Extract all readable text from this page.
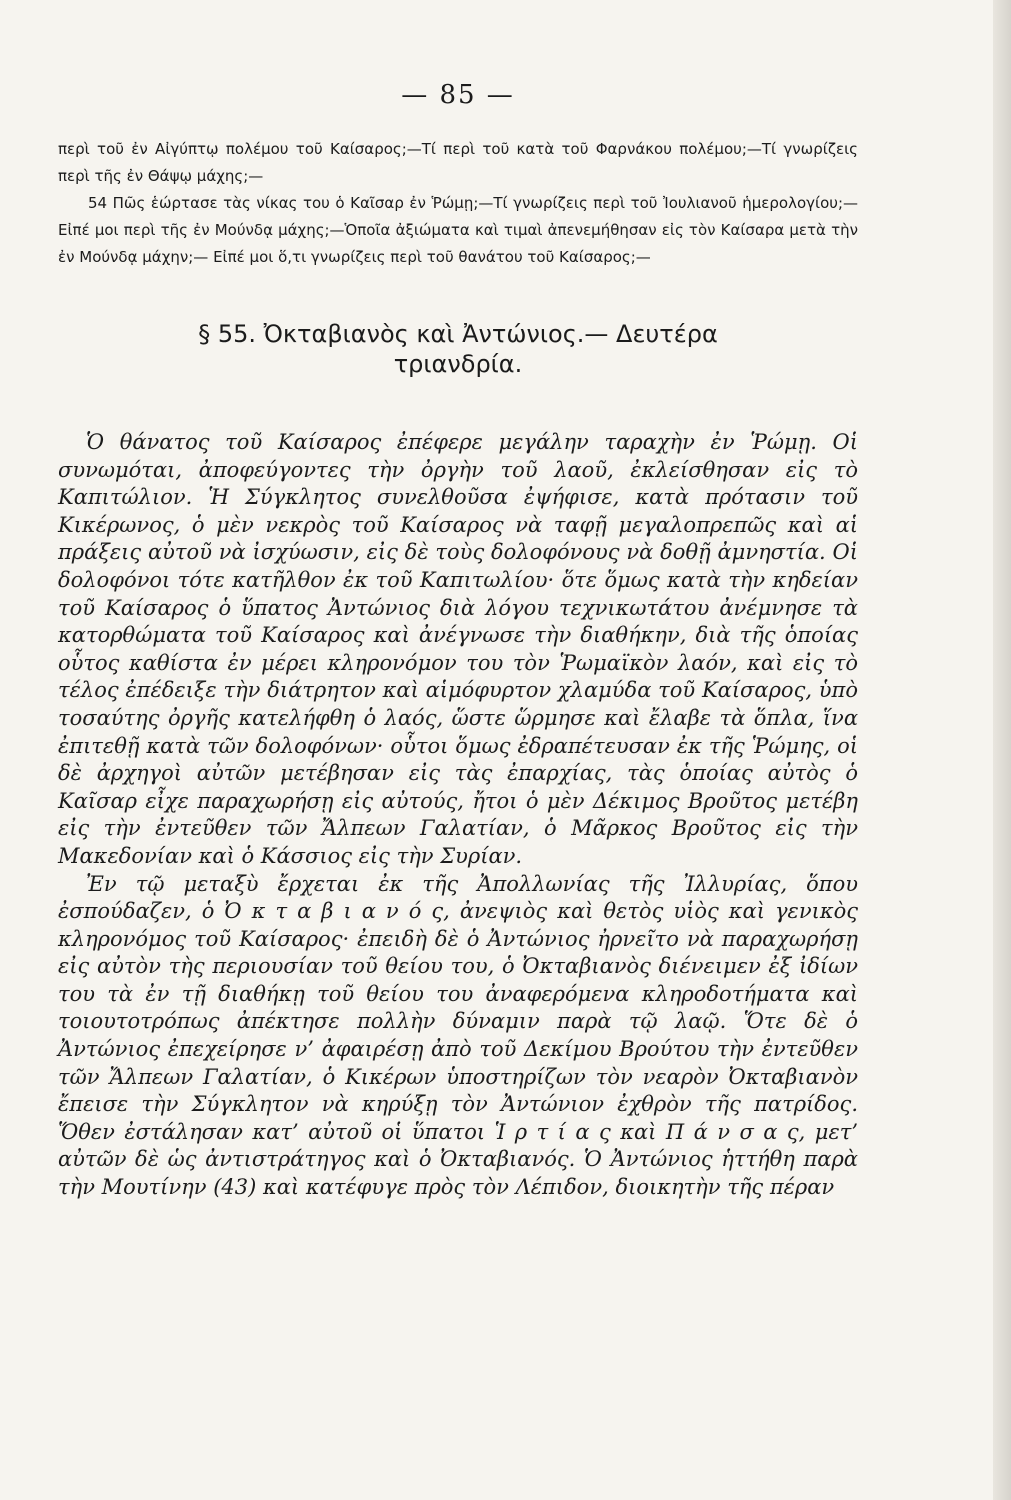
— 85 —

περὶ τοῦ ἐν Αἰγύπτῳ πολέμου τοῦ Καίσαρος;—Τί περὶ τοῦ κατὰ τοῦ Φαρνάκου πολέμου;—Τί γνωρίζεις περὶ τῆς ἐν Θάψῳ μάχης;—

54 Πῶς ἑώρτασε τὰς νίκας του ὁ Καῖσαρ ἐν Ῥώμῃ;—Τί γνωρίζεις περὶ τοῦ Ἰουλιανοῦ ἡμερολογίου;—Εἰπέ μοι περὶ τῆς ἐν Μούνδᾳ μάχης;—Ὁποῖα ἀξιώματα καὶ τιμαὶ ἀπενεμήθησαν εἰς τὸν Καίσαρα μετὰ τὴν ἐν Μούνδᾳ μάχην;— Εἰπέ μοι ὅ,τι γνωρίζεις περὶ τοῦ θανάτου τοῦ Καίσαρος;—

§ 55. Ὀκταβιανὸς καὶ Ἀντώνιος.— Δευτέρα
τριανδρία.

Ὁ θάνατος τοῦ Καίσαρος ἐπέφερε μεγάλην ταραχὴν ἐν Ῥώμῃ. Οἱ συνωμόται, ἀποφεύγοντες τὴν ὀργὴν τοῦ λαοῦ, ἐκλείσθησαν εἰς τὸ Καπιτώλιον. Ἡ Σύγκλητος συνελθοῦσα ἐψήφισε, κατὰ πρότασιν τοῦ Κικέρωνος, ὁ μὲν νεκρὸς τοῦ Καίσαρος νὰ ταφῇ μεγαλοπρεπῶς καὶ αἱ πράξεις αὐτοῦ νὰ ἰσχύωσιν, εἰς δὲ τοὺς δολοφόνους νὰ δοθῇ ἀμνηστία. Οἱ δολοφόνοι τότε κατῆλθον ἐκ τοῦ Καπιτωλίου· ὅτε ὅμως κατὰ τὴν κηδείαν τοῦ Καίσαρος ὁ ὕπατος Ἀντώνιος διὰ λόγου τεχνικωτάτου ἀνέμνησε τὰ κατορθώματα τοῦ Καίσαρος καὶ ἀνέγνωσε τὴν διαθήκην, διὰ τῆς ὁποίας οὗτος καθίστα ἐν μέρει κληρονόμον του τὸν Ῥωμαϊκὸν λαόν, καὶ εἰς τὸ τέλος ἐπέδειξε τὴν διάτρητον καὶ αἱμόφυρτον χλαμύδα τοῦ Καίσαρος, ὑπὸ τοσαύτης ὀργῆς κατελήφθη ὁ λαός, ὥστε ὥρμησε καὶ ἔλαβε τὰ ὅπλα, ἵνα ἐπιτεθῇ κατὰ τῶν δολοφόνων· οὗτοι ὅμως ἐδραπέτευσαν ἐκ τῆς Ῥώμης, οἱ δὲ ἀρχηγοὶ αὐτῶν μετέβησαν εἰς τὰς ἐπαρχίας, τὰς ὁποίας αὐτὸς ὁ Καῖσαρ εἶχε παραχωρήσῃ εἰς αὐτούς, ἤτοι ὁ μὲν Δέκιμος Βροῦτος μετέβη εἰς τὴν ἐντεῦθεν τῶν Ἄλπεων Γαλατίαν, ὁ Μᾶρκος Βροῦτος εἰς τὴν Μακεδονίαν καὶ ὁ Κάσσιος εἰς τὴν Συρίαν.

Ἐν τῷ μεταξὺ ἔρχεται ἐκ τῆς Ἀπολλωνίας τῆς Ἰλλυρίας, ὅπου ἐσπούδαζεν, ὁ Ὀ κ τ α β ι α ν ό ς, ἀνεψιὸς καὶ θετὸς υἱὸς καὶ γενικὸς κληρονόμος τοῦ Καίσαρος· ἐπειδὴ δὲ ὁ Ἀντώνιος ἠρνεῖτο νὰ παραχωρήσῃ εἰς αὐτὸν τὴς περιουσίαν τοῦ θείου του, ὁ Ὀκταβιανὸς διένειμεν ἐξ ἰδίων του τὰ ἐν τῇ διαθήκῃ τοῦ θείου του ἀναφερόμενα κληροδοτήματα καὶ τοιουτοτρόπως ἀπέκτησε πολλὴν δύναμιν παρὰ τῷ λαῷ. Ὅτε δὲ ὁ Ἀντώνιος ἐπεχείρησε ν’ ἀφαιρέσῃ ἀπὸ τοῦ Δεκίμου Βρούτου τὴν ἐντεῦθεν τῶν Ἄλπεων Γαλατίαν, ὁ Κικέρων ὑποστηρίζων τὸν νεαρὸν Ὀκταβιανὸν ἔπεισε τὴν Σύγκλητον νὰ κηρύξῃ τὸν Ἀντώνιον ἐχθρὸν τῆς πατρίδος. Ὅθεν ἐστάλησαν κατ’ αὐτοῦ οἱ ὕπατοι Ἱ ρ τ ί α ς καὶ Π ά ν σ α ς, μετ’ αὐτῶν δὲ ὡς ἀντιστράτηγος καὶ ὁ Ὀκταβιανός. Ὁ Ἀντώνιος ἡττήθη παρὰ τὴν Μουτίνην (43) καὶ κατέφυγε πρὸς τὸν Λέπιδον, διοικητὴν τῆς πέραν
